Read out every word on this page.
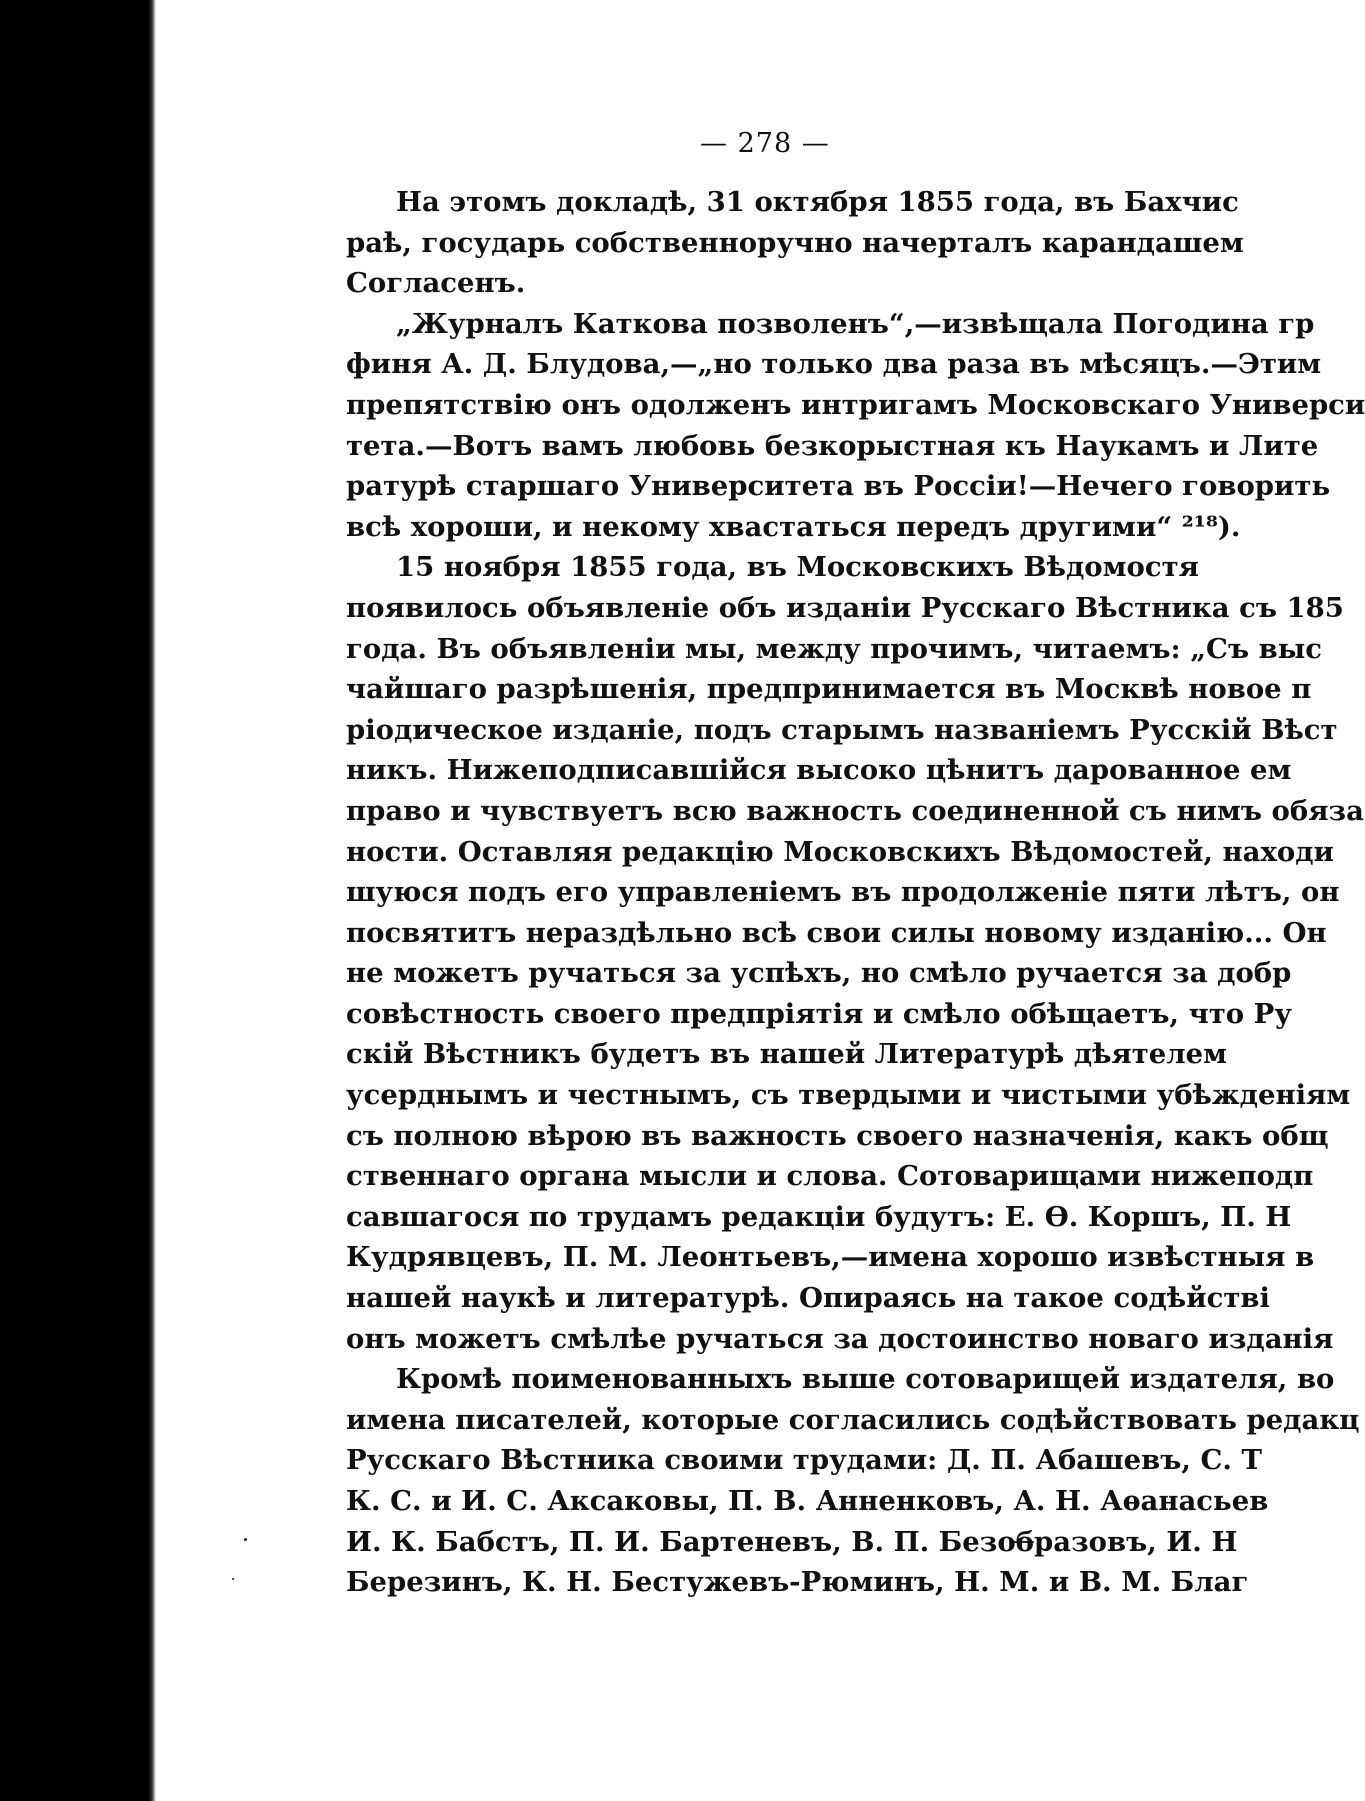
— 278 —
На этомъ докладѣ, 31 октября 1855 года, въ Бахчис
раѣ, государь собственноручно начерталъ карандашем
Согласенъ.
„Журналъ Каткова позволенъ“,—извѣщала Погодина гр
финя А. Д. Блудова,—„но только два раза въ мѣсяцъ.—Этим
препятствію онъ одолженъ интригамъ Московскаго Универси
тета.—Вотъ вамъ любовь безкорыстная къ Наукамъ и Лите
ратурѣ старшаго Университета въ Россіи!—Нечего говорить
всѣ хороши, и некому хвастаться передъ другими“ ²¹⁸).
15 ноября 1855 года, въ Московскихъ Вѣдомостя
появилось объявленіе объ изданіи Русскаго Вѣстника съ 185
года. Въ объявленіи мы, между прочимъ, читаемъ: „Съ выс
чайшаго разрѣшенія, предпринимается въ Москвѣ новое п
ріодическое изданіе, подъ старымъ названіемъ Русскій Вѣст
никъ. Нижеподписавшійся высоко цѣнитъ дарованное ем
право и чувствуетъ всю важность соединенной съ нимъ обяза
ности. Оставляя редакцію Московскихъ Вѣдомостей, находи
шуюся подъ его управленіемъ въ продолженіе пяти лѣтъ, он
посвятитъ нераздѣльно всѣ свои силы новому изданію... Он
не можетъ ручаться за успѣхъ, но смѣло ручается за добр
совѣстность своего предпріятія и смѣло обѣщаетъ, что Ру
скій Вѣстникъ будетъ въ нашей Литературѣ дѣятелем
усерднымъ и честнымъ, съ твердыми и чистыми убѣжденіям
съ полною вѣрою въ важность своего назначенія, какъ общ
ственнаго органа мысли и слова. Сотоварищами нижеподп
савшагося по трудамъ редакціи будутъ: Е. Ѳ. Коршъ, П. Н
Кудрявцевъ, П. М. Леонтьевъ,—имена хорошо извѣстныя в
нашей наукѣ и литературѣ. Опираясь на такое содѣйстві
онъ можетъ смѣлѣе ручаться за достоинство новаго изданія
Кромѣ поименованныхъ выше сотоварищей издателя, во
имена писателей, которые согласились содѣйствовать редакц
Русскаго Вѣстника своими трудами: Д. П. Абашевъ, С. Т
К. С. и И. С. Аксаковы, П. В. Анненковъ, А. Н. Аѳанасьев
И. К. Бабстъ, П. И. Бартеневъ, В. П. Безобразовъ, И. Н
Березинъ, К. Н. Бестужевъ-Рюминъ, Н. М. и В. М. Благ
